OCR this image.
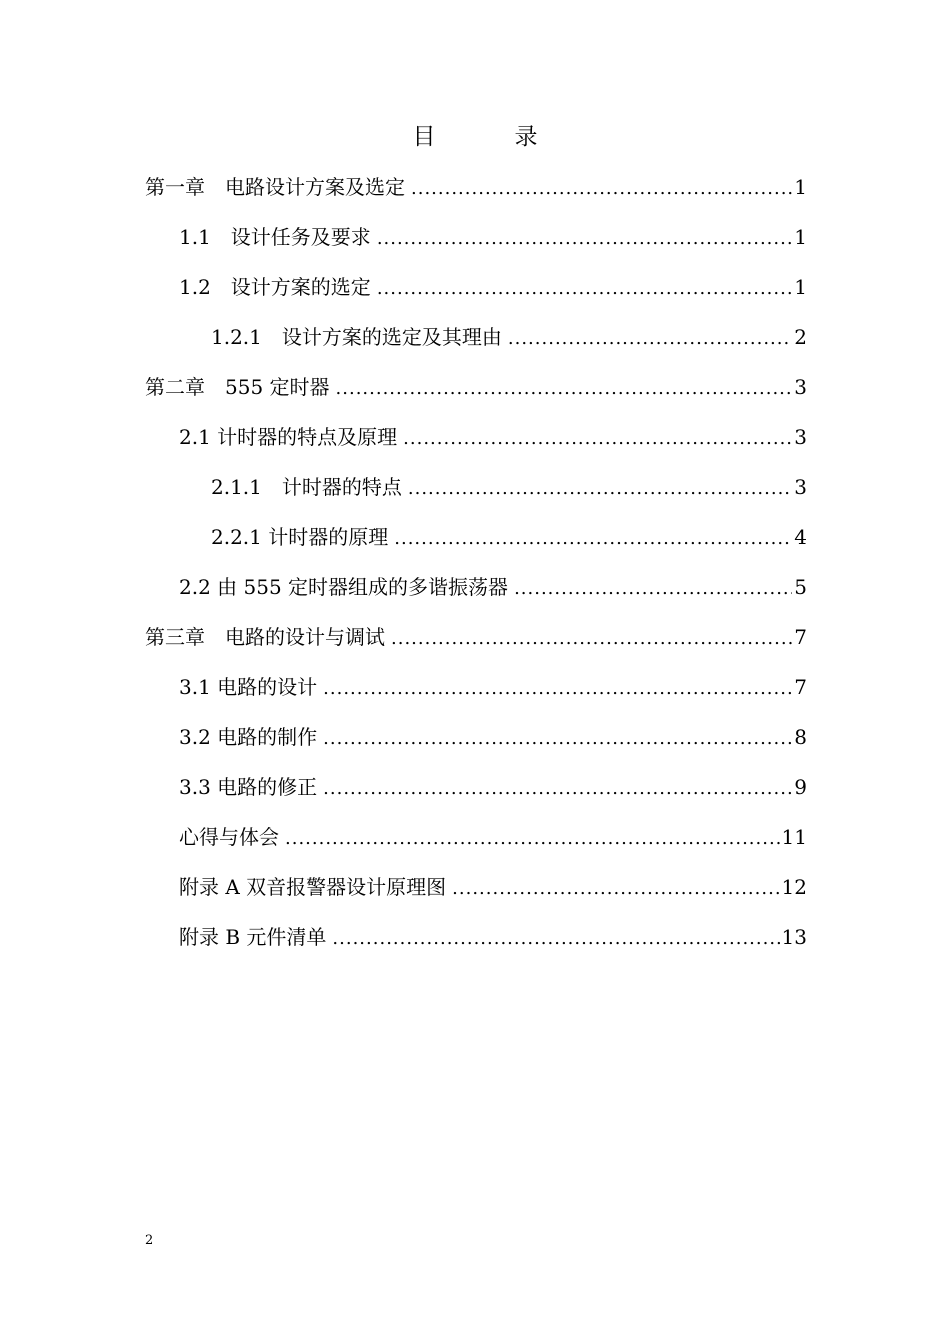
目　录
第一章　电路设计方案及选定 .....	1
1.1　设计任务及要求 .....	1
1.2　设计方案的选定 .....	1
1.2.1　设计方案的选定及其理由 .....	2
第二章　555 定时器 .....	3
2.1 计时器的特点及原理 .....	3
2.1.1　计时器的特点 .....	3
2.2.1 计时器的原理 .....	4
2.2 由 555 定时器组成的多谐振荡器 .....	5
第三章　电路的设计与调试 .....	7
3.1 电路的设计 .....	7
3.2 电路的制作 .....	8
3.3 电路的修正 .....	9
心得与体会 .....	11
附录 A 双音报警器设计原理图 .....	12
附录 B 元件清单 .....	13
2
